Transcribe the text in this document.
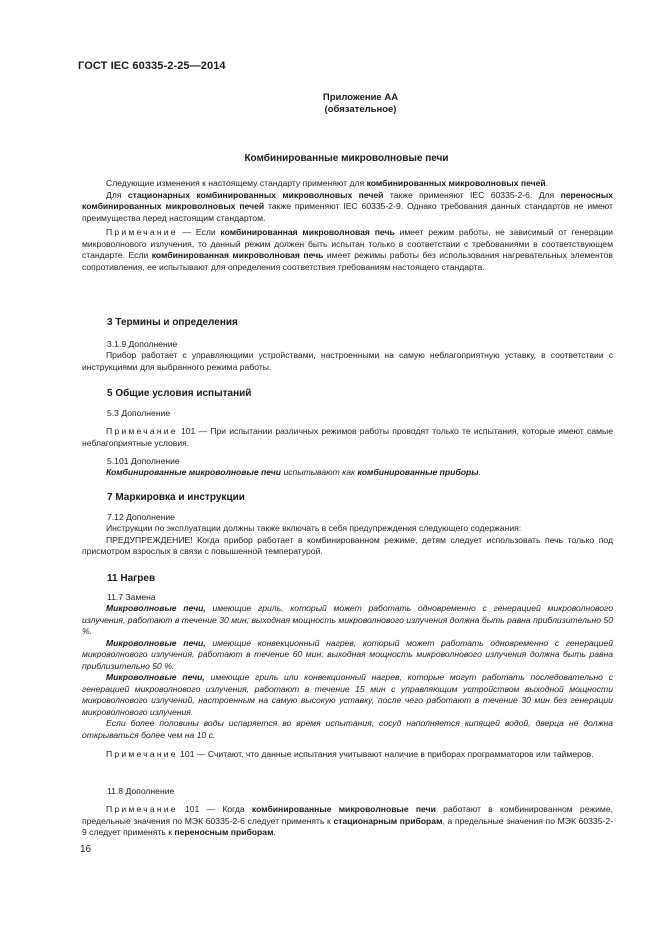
ГОСТ IEC 60335-2-25—2014
Приложение АА
(обязательное)
Комбинированные микроволновые печи

Следующие изменения к настоящему стандарту применяют для комбинированных микроволновых печей.

Для стационарных комбинированных микроволновых печей также применяют IEC 60335-2-6. Для переносных комбинированных микроволновых печей также применяют IEC 60335-2-9. Однако требования данных стандартов не имеют преимущества перед настоящим стандартом.

Примечание — Если комбинированная микроволновая печь имеет режим работы, не зависимый от генерации микроволнового излучения, то данный режим должен быть испытан только в соответствии с требованиями в соответствующем стандарте. Если комбинированная микроволновая печь имеет режимы работы без использования нагревательных элементов сопротивления, ее испытывают для определения соответствия требованиям настоящего стандарта.

3 Термины и определения
3.1.9 Дополнение

Прибор работает с управляющими устройствами, настроенными на самую неблагоприятную уставку, в соответствии с инструкциями для выбранного режима работы.

5 Общие условия испытаний
5.3 Дополнение

Примечание 101 — При испытании различных режимов работы проводят только те испытания, которые имеют самые неблагоприятные условия.

5.101 Дополнение

Комбинированные микроволновые печи испытывают как комбинированные приборы.

7 Маркировка и инструкции
7.12 Дополнение

Инструкции по эксплуатации должны также включать в себя предупреждения следующего содержания:

ПРЕДУПРЕЖДЕНИЕ! Когда прибор работает в комбинированном режиме, детям следует использовать печь только под присмотром взрослых в связи с повышенной температурой.

11 Нагрев
11.7 Замена

Микроволновые печи, имеющие гриль, который может работать одновременно с генерацией микроволнового излучения, работают в течение 30 мин; выходная мощность микроволнового излучения должна быть равна приблизительно 50 %.

Микроволновые печи, имеющие конвекционный нагрев, который может работать одновременно с генерацией микроволнового излучения, работают в течение 60 мин; выходная мощность микроволнового излучения должна быть равна приблизительно 50 %.

Микроволновые печи, имеющие гриль или конвекционный нагрев, которые могут работать последовательно с генерацией микроволнового излучения, работают в течение 15 мин с управляющим устройством выходной мощности микроволнового излучений, настроенным на самую высокую уставку, после чего работают в течение 30 мин без генерации микроволнового излучения.

Если более половины воды испаряется во время испытания, сосуд наполняется кипящей водой, дверца не должна открываться более чем на 10 с.

Примечание 101 — Считают, что данные испытания учитывают наличие в приборах программаторов или таймеров.

11.8 Дополнение

Примечание 101 — Когда комбинированные микроволновые печи работают в комбинированном режиме, предельные значения по МЭК 60335-2-6 следует применять к стационарным приборам, а предельные значения по МЭК 60335-2-9 следует применять к переносным приборам.

16
